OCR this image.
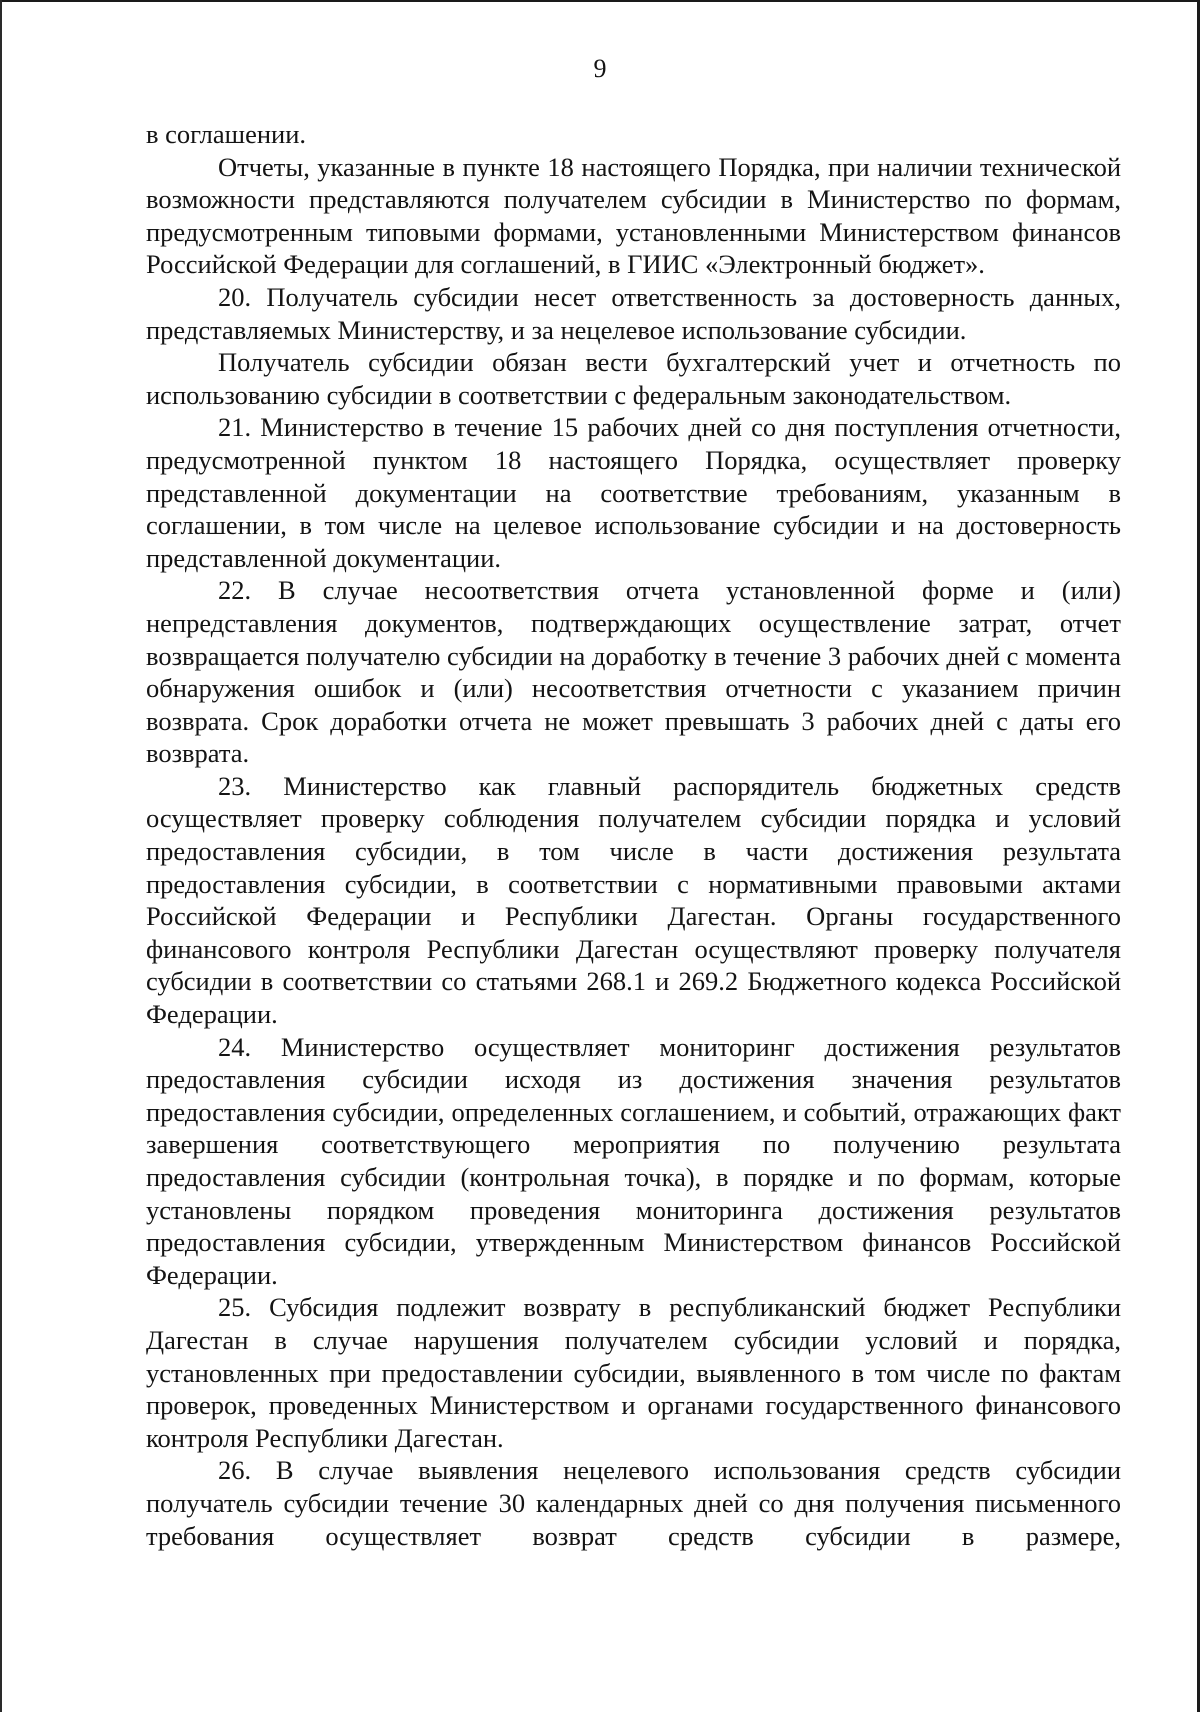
9

в соглашении.

Отчеты, указанные в пункте 18 настоящего Порядка, при наличии технической возможности представляются получателем субсидии в Министерство по формам, предусмотренным типовыми формами, установленными Министерством финансов Российской Федерации для соглашений, в ГИИС «Электронный бюджет».

20. Получатель субсидии несет ответственность за достоверность данных, представляемых Министерству, и за нецелевое использование субсидии.

Получатель субсидии обязан вести бухгалтерский учет и отчетность по использованию субсидии в соответствии с федеральным законодательством.

21. Министерство в течение 15 рабочих дней со дня поступления отчетности, предусмотренной пунктом 18 настоящего Порядка, осуществляет проверку представленной документации на соответствие требованиям, указанным в соглашении, в том числе на целевое использование субсидии и на достоверность представленной документации.

22. В случае несоответствия отчета установленной форме и (или) непредставления документов, подтверждающих осуществление затрат, отчет возвращается получателю субсидии на доработку в течение 3 рабочих дней с момента обнаружения ошибок и (или) несоответствия отчетности с указанием причин возврата. Срок доработки отчета не может превышать 3 рабочих дней с даты его возврата.

23. Министерство как главный распорядитель бюджетных средств осуществляет проверку соблюдения получателем субсидии порядка и условий предоставления субсидии, в том числе в части достижения результата предоставления субсидии, в соответствии с нормативными правовыми актами Российской Федерации и Республики Дагестан. Органы государственного финансового контроля Республики Дагестан осуществляют проверку получателя субсидии в соответствии со статьями 268.1 и 269.2 Бюджетного кодекса Российской Федерации.

24. Министерство осуществляет мониторинг достижения результатов предоставления субсидии исходя из достижения значения результатов предоставления субсидии, определенных соглашением, и событий, отражающих факт завершения соответствующего мероприятия по получению результата предоставления субсидии (контрольная точка), в порядке и по формам, которые установлены порядком проведения мониторинга достижения результатов предоставления субсидии, утвержденным Министерством финансов Российской Федерации.

25. Субсидия подлежит возврату в республиканский бюджет Республики Дагестан в случае нарушения получателем субсидии условий и порядка, установленных при предоставлении субсидии, выявленного в том числе по фактам проверок, проведенных Министерством и органами государственного финансового контроля Республики Дагестан.

26. В случае выявления нецелевого использования средств субсидии получатель субсидии течение 30 календарных дней со дня получения письменного требования осуществляет возврат средств субсидии в размере,
